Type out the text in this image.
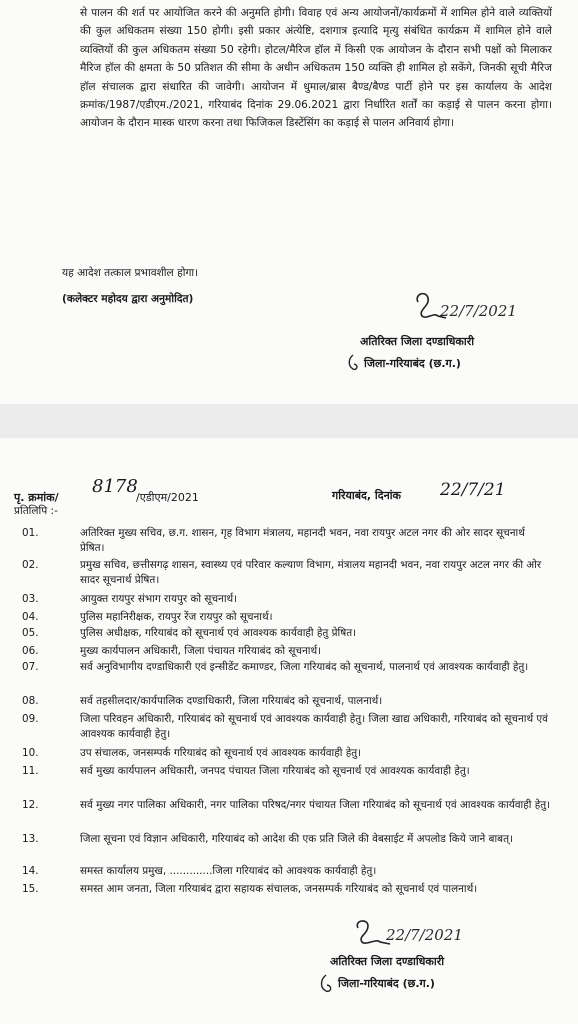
से पालन की शर्त पर आयोजित करने की अनुमति होगी। विवाह एवं अन्य आयोजनों/कार्यक्रमों में शामिल होने वाले व्यक्तियों की कुल अधिकतम संख्या 150 होगी। इसी प्रकार अंत्येष्टि, दशगात्र इत्यादि मृत्यु संबंधित कार्यक्रम में शामिल होने वाले व्यक्तियों की कुल अधिकतम संख्या 50 रहेगी। होटल/मैरिज हॉल में किसी एक आयोजन के दौरान सभी पक्षों को मिलाकर मैरिज हॉल की क्षमता के 50 प्रतिशत की सीमा के अधीन अधिकतम 150 व्यक्ति ही शामिल हो सकेंगे, जिनकी सूची मैरिज हॉल संचालक द्वारा संधारित की जावेगी। आयोजन में धुमाल/ब्रास बैण्ड/बैण्ड पार्टी होने पर इस कार्यालय के आदेश क्रमांक/1987/एडीएम./2021, गरियाबंद दिनांक 29.06.2021 द्वारा निर्धारित शर्तों का कड़ाई से पालन करना होगा। आयोजन के दौरान मास्क धारण करना तथा फिजिकल डिस्टेंसिंग का कड़ाई से पालन अनिवार्य होगा।

यह आदेश तत्काल प्रभावशील होगा।
(कलेक्टर महोदय द्वारा अनुमोदित)
22/7/2021
अतिरिक्त जिला दण्डाधिकारी
जिला-गरियाबंद (छ.ग.)
पृ. क्रमांक/
8178
/एडीएम/2021	गरियाबंद, दिनांक 22/7/21
प्रतिलिपि :-
01.	अतिरिक्त मुख्य सचिव, छ.ग. शासन, गृह विभाग मंत्रालय, महानदी भवन, नवा रायपुर अटल नगर की ओर सादर सूचनार्थ प्रेषित।
02.	प्रमुख सचिव, छत्तीसगढ़ शासन, स्वास्थ्य एवं परिवार कल्याण विभाग, मंत्रालय महानदी भवन, नवा रायपुर अटल नगर की ओर सादर सूचनार्थ प्रेषित।
03.	आयुक्त रायपुर संभाग रायपुर को सूचनार्थ।
04.	पुलिस महानिरीक्षक, रायपुर रेंज रायपुर को सूचनार्थ।
05.	पुलिस अधीक्षक, गरियाबंद को सूचनार्थ एवं आवश्यक कार्यवाही हेतु प्रेषित।
06.	मुख्य कार्यपालन अधिकारी, जिला पंचायत गरियाबंद को सूचनार्थ।
07.	सर्व अनुविभागीय दण्डाधिकारी एवं इन्सीडेंट कमाण्डर, जिला गरियाबंद को सूचनार्थ, पालनार्थ एवं आवश्यक कार्यवाही हेतु।
08.	सर्व तहसीलदार/कार्यपालिक दण्डाधिकारी, जिला गरियाबंद को सूचनार्थ, पालनार्थ।
09.	जिला परिवहन अधिकारी, गरियाबंद को सूचनार्थ एवं आवश्यक कार्यवाही हेतु। जिला खाद्य अधिकारी, गरियाबंद को सूचनार्थ एवं आवश्यक कार्यवाही हेतु।
10.	उप संचालक, जनसम्पर्क गरियाबंद को सूचनार्थ एवं आवश्यक कार्यवाही हेतु।
11.	सर्व मुख्य कार्यपालन अधिकारी, जनपद पंचायत जिला गरियाबंद को सूचनार्थ एवं आवश्यक कार्यवाही हेतु।
12.	सर्व मुख्य नगर पालिका अधिकारी, नगर पालिका परिषद/नगर पंचायत जिला गरियाबंद को सूचनार्थ एवं आवश्यक कार्यवाही हेतु।
13.	जिला सूचना एवं विज्ञान अधिकारी, गरियाबंद को आदेश की एक प्रति जिले की वेबसाईट में अपलोड किये जाने बाबत्।
14.	समस्त कार्यालय प्रमुख, .............जिला गरियाबंद को आवश्यक कार्यवाही हेतु।
15.	समस्त आम जनता, जिला गरियाबंद द्वारा सहायक संचालक, जनसम्पर्क गरियाबंद को सूचनार्थ एवं पालनार्थ।
22/7/2021
अतिरिक्त जिला दण्डाधिकारी
जिला-गरियाबंद (छ.ग.)
